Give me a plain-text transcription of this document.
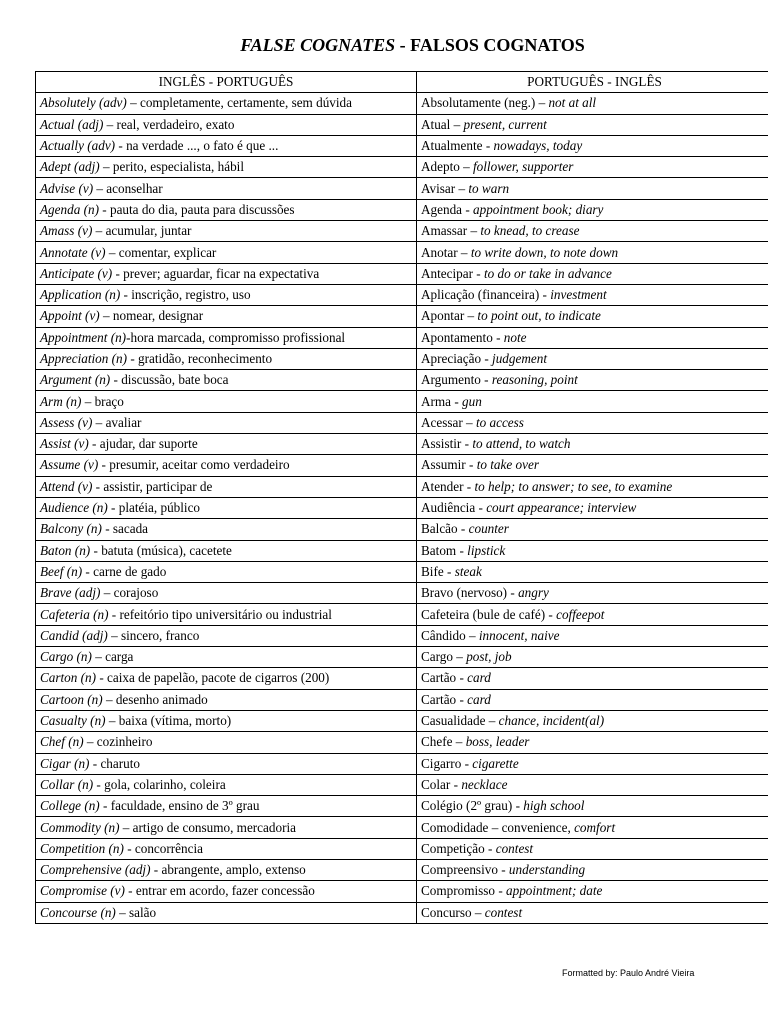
FALSE COGNATES - FALSOS COGNATOS
INGLÊS - PORTUGUÊS	PORTUGUÊS - INGLÊS
Absolutely (adv) – completamente, certamente, sem dúvida	Absolutamente (neg.) – not at all
Actual (adj) – real, verdadeiro, exato	Atual – present, current
Actually (adv) - na verdade ..., o fato é que ...	Atualmente - nowadays, today
Adept (adj) – perito, especialista, hábil	Adepto – follower, supporter
Advise (v) – aconselhar	Avisar – to warn
Agenda (n) - pauta do dia, pauta para discussões	Agenda - appointment book; diary
Amass (v) – acumular, juntar	Amassar – to knead, to crease
Annotate (v) – comentar, explicar	Anotar – to write down, to note down
Anticipate (v) - prever; aguardar, ficar na expectativa	Antecipar - to do or take in advance
Application (n) - inscrição, registro, uso	Aplicação (financeira) - investment
Appoint (v) – nomear, designar	Apontar – to point out, to indicate
Appointment (n)-hora marcada, compromisso profissional	Apontamento - note
Appreciation (n) - gratidão, reconhecimento	Apreciação - judgement
Argument (n) - discussão, bate boca	Argumento - reasoning, point
Arm (n) – braço	Arma - gun
Assess (v) – avaliar	Acessar – to access
Assist (v) - ajudar, dar suporte	Assistir - to attend, to watch
Assume (v) - presumir, aceitar como verdadeiro	Assumir - to take over
Attend (v) - assistir, participar de	Atender - to help; to answer; to see, to examine
Audience (n) - platéia, público	Audiência - court appearance; interview
Balcony (n) - sacada	Balcão - counter
Baton (n) - batuta (música), cacetete	Batom - lipstick
Beef (n) - carne de gado	Bife - steak
Brave (adj) – corajoso	Bravo (nervoso) - angry
Cafeteria (n) - refeitório tipo universitário ou industrial	Cafeteira (bule de café) - coffeepot
Candid (adj) – sincero, franco	Cândido – innocent, naive
Cargo (n) – carga	Cargo – post, job
Carton (n) - caixa de papelão, pacote de cigarros (200)	Cartão - card
Cartoon (n) – desenho animado	Cartão - card
Casualty (n) – baixa (vítima, morto)	Casualidade – chance, incident(al)
Chef (n) – cozinheiro	Chefe – boss, leader
Cigar (n) - charuto	Cigarro - cigarette
Collar (n) - gola, colarinho, coleira	Colar - necklace
College (n) - faculdade, ensino de 3º grau	Colégio (2º grau) - high school
Commodity (n) – artigo de consumo, mercadoria	Comodidade – convenience, comfort
Competition (n) - concorrência	Competição - contest
Comprehensive (adj) - abrangente, amplo, extenso	Compreensivo - understanding
Compromise (v) - entrar em acordo, fazer concessão	Compromisso - appointment; date
Concourse (n) – salão	Concurso – contest
Formatted by: Paulo André Vieira
